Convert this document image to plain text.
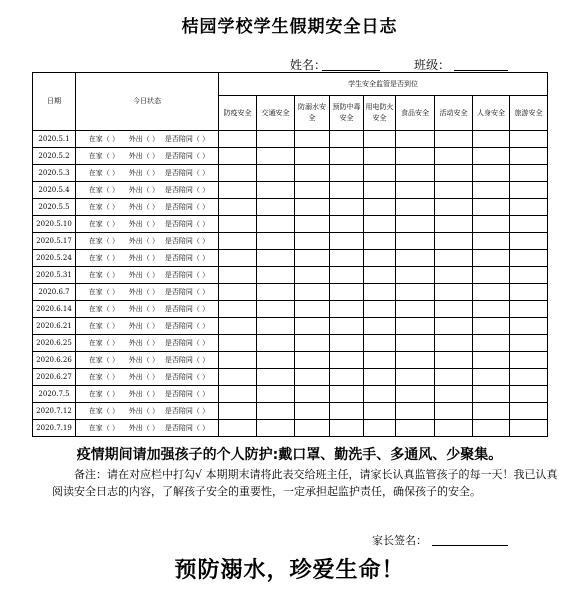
桔园学校学生假期安全日志
姓名：	班级：
日期	今日状态	学生安全监管是否到位								
		防疫安全	交通安全	防溺水安全	预防中毒安全	用电防火安全	食品安全	活动安全	人身安全	旅游安全
2020.5.1	在家（ ） 外出（ ） 是否陪同（ ）									
2020.5.2	在家（ ） 外出（ ） 是否陪同（ ）									
2020.5.3	在家（ ） 外出（ ） 是否陪同（ ）									
2020.5.4	在家（ ） 外出（ ） 是否陪同（ ）									
2020.5.5	在家（ ） 外出（ ） 是否陪同（ ）									
2020.5.10	在家（ ） 外出（ ） 是否陪同（ ）									
2020.5.17	在家（ ） 外出（ ） 是否陪同（ ）									
2020.5.24	在家（ ） 外出（ ） 是否陪同（ ）									
2020.5.31	在家（ ） 外出（ ） 是否陪同（ ）									
2020.6.7	在家（ ） 外出（ ） 是否陪同（ ）									
2020.6.14	在家（ ） 外出（ ） 是否陪同（ ）									
2020.6.21	在家（ ） 外出（ ） 是否陪同（ ）									
2020.6.25	在家（ ） 外出（ ） 是否陪同（ ）									
2020.6.26	在家（ ） 外出（ ） 是否陪同（ ）									
2020.6.27	在家（ ） 外出（ ） 是否陪同（ ）									
2020.7.5	在家（ ） 外出（ ） 是否陪同（ ）									
2020.7.12	在家（ ） 外出（ ） 是否陪同（ ）									
2020.7.19	在家（ ） 外出（ ） 是否陪同（ ）									
疫情期间请加强孩子的个人防护:戴口罩、勤洗手、多通风、少聚集。
备注：请在对应栏中打勾√ 本期期末请将此表交给班主任，请家长认真监管孩子的每一天！我已认真阅读安全日志的内容，了解孩子安全的重要性，一定承担起监护责任，确保孩子的安全。
家长签名：
预防溺水，珍爱生命！
